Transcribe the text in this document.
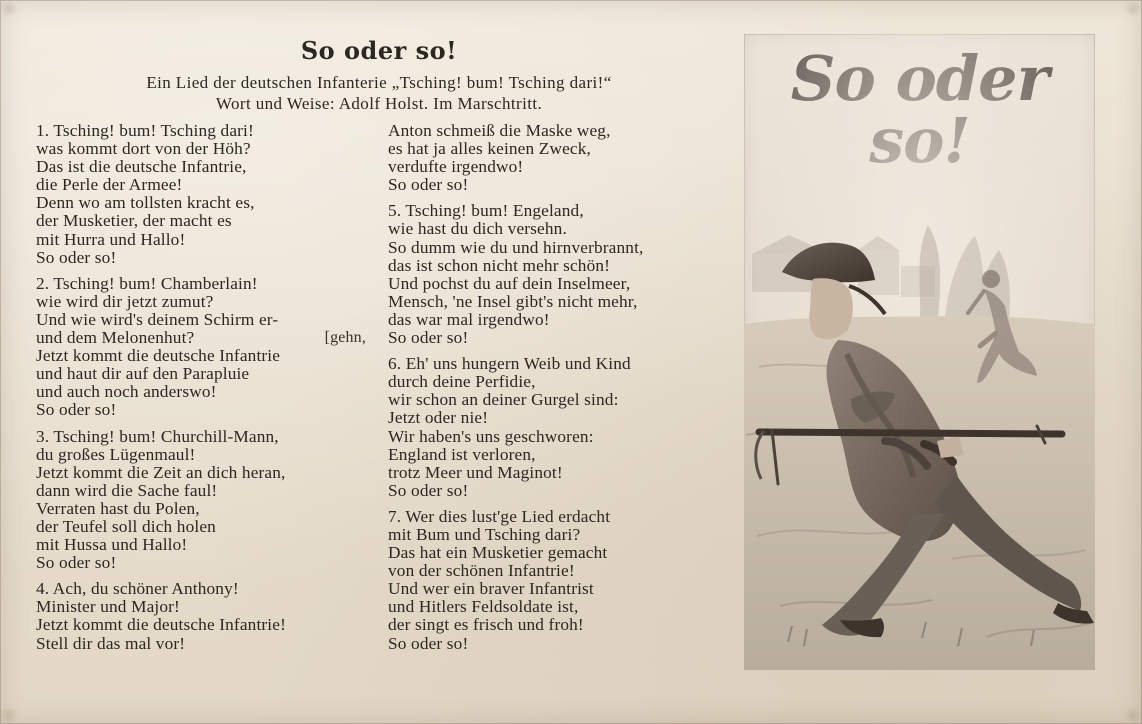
So oder so!
Ein Lied der deutschen Infanterie „Tsching! bum! Tsching dari!“
Wort und Weise: Adolf Holst. Im Marschtritt.
1. Tsching! bum! Tsching dari!
was kommt dort von der Höh?
Das ist die deutsche Infantrie,
die Perle der Armee!
Denn wo am tollsten kracht es,
der Musketier, der macht es
mit Hurra und Hallo!
So oder so!
2. Tsching! bum! Chamberlain!
wie wird dir jetzt zumut?
Und wie wird's deinem Schirm er-
und dem Melonenhut?	[gehn,
Jetzt kommt die deutsche Infantrie
und haut dir auf den Parapluie
und auch noch anderswo!
So oder so!
3. Tsching! bum! Churchill-Mann,
du großes Lügenmaul!
Jetzt kommt die Zeit an dich heran,
dann wird die Sache faul!
Verraten hast du Polen,
der Teufel soll dich holen
mit Hussa und Hallo!
So oder so!
4. Ach, du schöner Anthony!
Minister und Major!
Jetzt kommt die deutsche Infantrie!
Stell dir das mal vor!
Anton schmeiß die Maske weg,
es hat ja alles keinen Zweck,
verdufte irgendwo!
So oder so!
5. Tsching! bum! Engeland,
wie hast du dich versehn.
So dumm wie du und hirnverbrannt,
das ist schon nicht mehr schön!
Und pochst du auf dein Inselmeer,
Mensch, 'ne Insel gibt's nicht mehr,
das war mal irgendwo!
So oder so!
6. Eh' uns hungern Weib und Kind
durch deine Perfidie,
wir schon an deiner Gurgel sind:
Jetzt oder nie!
Wir haben's uns geschworen:
England ist verloren,
trotz Meer und Maginot!
So oder so!
7. Wer dies lust'ge Lied erdacht
mit Bum und Tsching dari?
Das hat ein Musketier gemacht
von der schönen Infantrie!
Und wer ein braver Infantrist
und Hitlers Feldsoldate ist,
der singt es frisch und froh!
So oder so!
